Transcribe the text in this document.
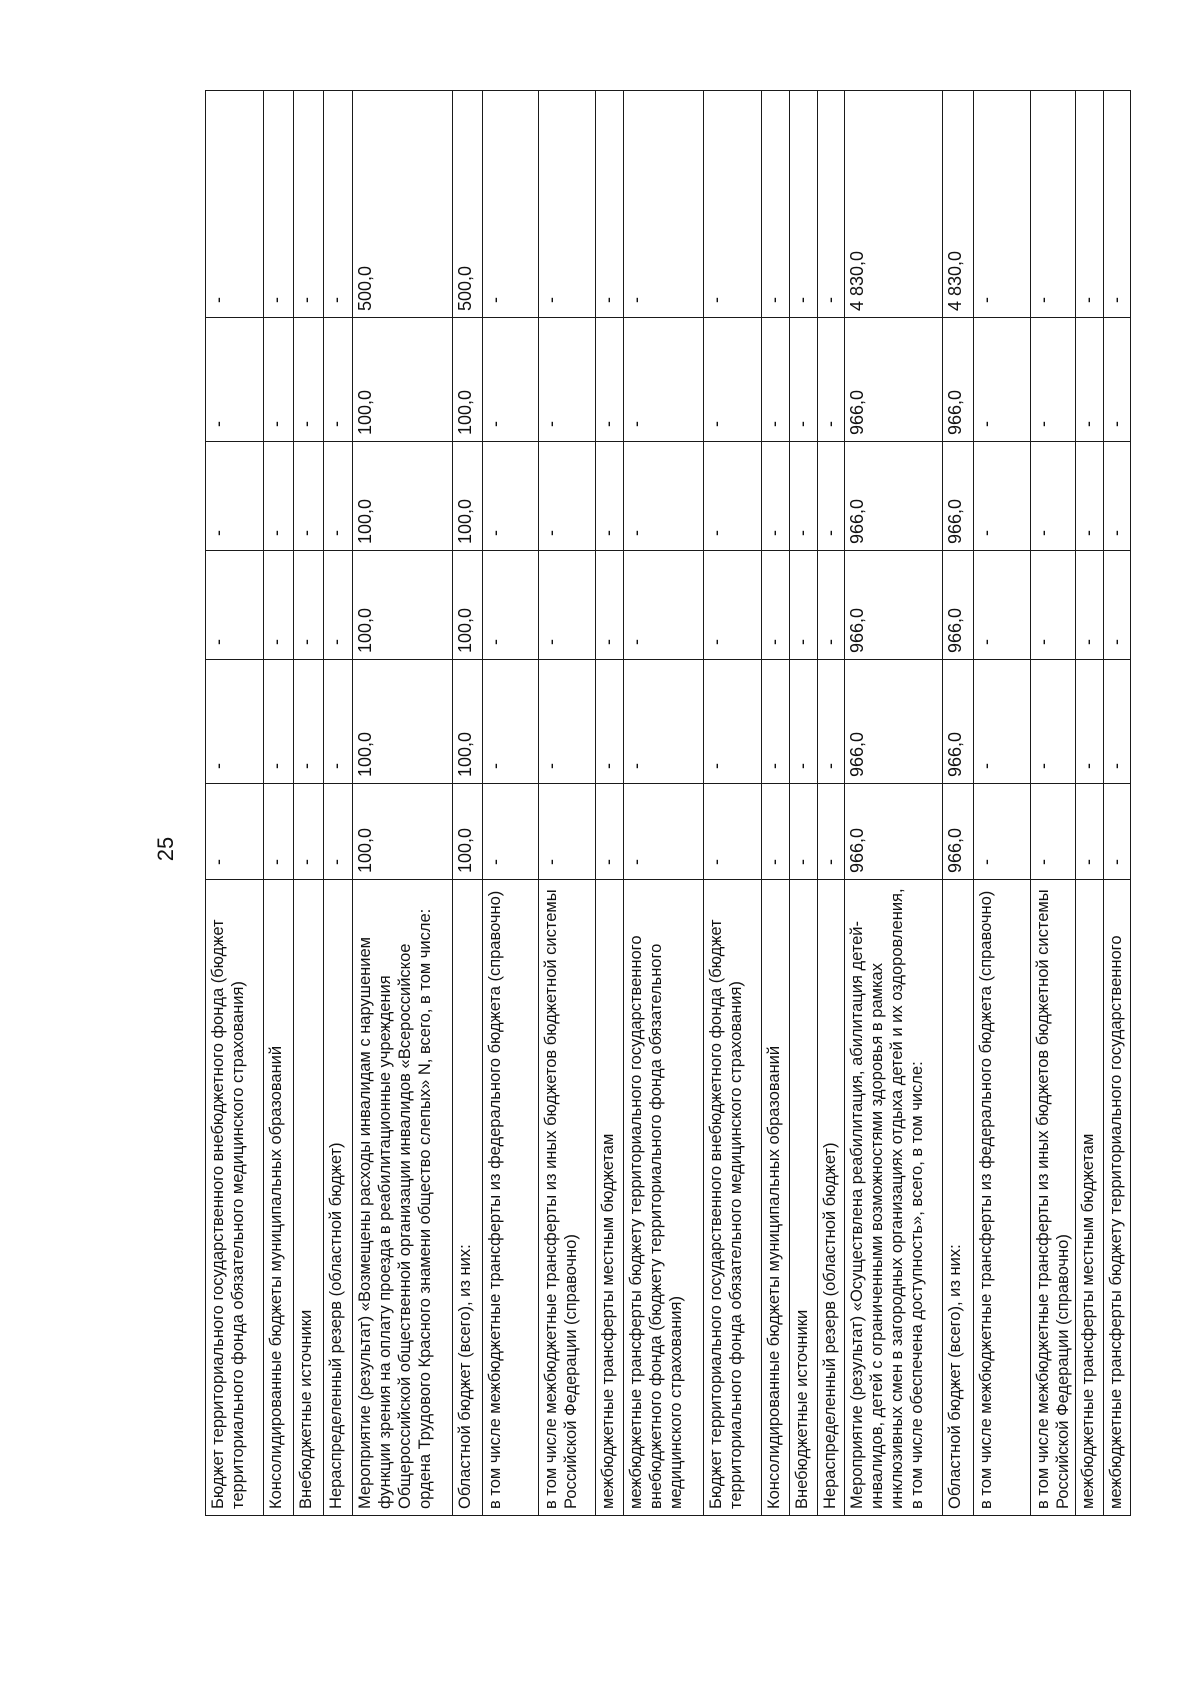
25
Бюджет территориального государственного внебюджетного фонда (бюджет территориального фонда обязательного медицинского страхования)	-	-	-	-	-	-
Консолидированные бюджеты муниципальных образований	-	-	-	-	-	-
Внебюджетные источники	-	-	-	-	-	-
Нераспределенный резерв (областной бюджет)	-	-	-	-	-	-
Мероприятие (результат) «Возмещены расходы инвалидам с нарушением функции зрения на оплату проезда в реабилитационные учреждения Общероссийской общественной организации инвалидов «Всероссийское ордена Трудового Красного знамени общество слепых» N, всего, в том числе:	100,0	100,0	100,0	100,0	100,0	500,0
Областной бюджет (всего), из них:	100,0	100,0	100,0	100,0	100,0	500,0
в том числе межбюджетные трансферты из федерального бюджета (справочно)	-	-	-	-	-	-
в том числе межбюджетные трансферты из иных бюджетов бюджетной системы Российской Федерации (справочно)	-	-	-	-	-	-
межбюджетные трансферты местным бюджетам	-	-	-	-	-	-
межбюджетные трансферты бюджету территориального государственного внебюджетного фонда (бюджету территориального фонда обязательного медицинского страхования)	-	-	-	-	-	-
Бюджет территориального государственного внебюджетного фонда (бюджет территориального фонда обязательного медицинского страхования)	-	-	-	-	-	-
Консолидированные бюджеты муниципальных образований	-	-	-	-	-	-
Внебюджетные источники	-	-	-	-	-	-
Нераспределенный резерв (областной бюджет)	-	-	-	-	-	-
Мероприятие (результат) «Осуществлена реабилитация, абилитация детей-инвалидов, детей с ограниченными возможностями здоровья в рамках инклюзивных смен в загородных организациях отдыха детей и их оздоровления, в том числе обеспечена доступность», всего, в том числе:	966,0	966,0	966,0	966,0	966,0	4 830,0
Областной бюджет (всего), из них:	966,0	966,0	966,0	966,0	966,0	4 830,0
в том числе межбюджетные трансферты из федерального бюджета (справочно)	-	-	-	-	-	-
в том числе межбюджетные трансферты из иных бюджетов бюджетной системы Российской Федерации (справочно)	-	-	-	-	-	-
межбюджетные трансферты местным бюджетам	-	-	-	-	-	-
межбюджетные трансферты бюджету территориального государственного	-	-	-	-	-	-
